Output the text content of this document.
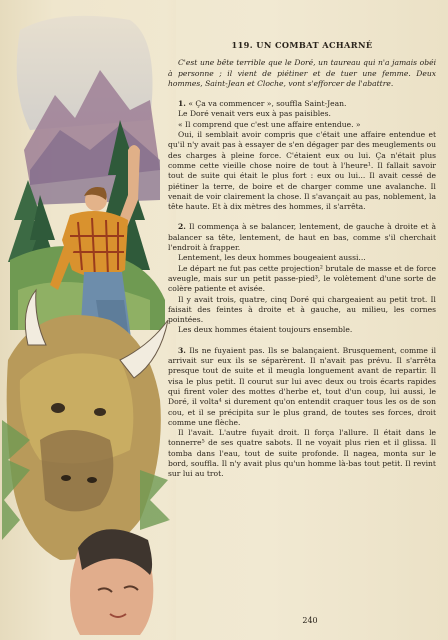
119. UN COMBAT ACHARNÉ

C'est une bête terrible que le Doré, un taureau qui n'a jamais obéi à personne ; il vient de piétiner et de tuer une femme. Deux hommes, Saint-Jean et Cloche, vont s'efforcer de l'abattre.

1. « Ça va commencer », souffla Saint-Jean.

Le Doré venait vers eux à pas paisibles.

« Il comprend que c'est une affaire entendue. »

Oui, il semblait avoir compris que c'était une affaire entendue et qu'il n'y avait pas à essayer de s'en dégager par des meuglements ou des charges à pleine force. C'étaient eux ou lui. Ça n'était plus comme cette vieille chose noire de tout à l'heure¹. Il fallait savoir tout de suite qui était le plus fort : eux ou lui... Il avait cessé de piétiner la terre, de boire et de charger comme une avalanche. Il venait de voir clairement la chose. Il s'avançait au pas, noblement, la tête haute. Et à dix mètres des hommes, il s'arrêta.

2. Il commença à se balancer, lentement, de gauche à droite et à balancer sa tête, lentement, de haut en bas, comme s'il cherchait l'endroit à frapper.

Lentement, les deux hommes bougeaient aussi...

Le départ ne fut pas cette projection² brutale de masse et de force aveugle, mais sur un petit passe-pied³, le volètement d'une sorte de colère patiente et avisée.

Il y avait trois, quatre, cinq Doré qui chargeaient au petit trot. Il faisait des feintes à droite et à gauche, au milieu, les cornes pointées.

Les deux hommes étaient toujours ensemble.

3. Ils ne fuyaient pas. Ils se balançaient. Brusquement, comme il arrivait sur eux ils se séparèrent. Il n'avait pas prévu. Il s'arrêta presque tout de suite et il meugla longuement avant de repartir. Il visa le plus petit. Il courut sur lui avec deux ou trois écarts rapides qui firent voler des mottes d'herbe et, tout d'un coup, lui aussi, le Doré, il volta⁴ si durement qu'on entendit craquer tous les os de son cou, et il se précipita sur le plus grand, de toutes ses forces, droit comme une flèche.

Il l'avait. L'autre fuyait droit. Il força l'allure. Il était dans le tonnerre⁵ de ses quatre sabots. Il ne voyait plus rien et il glissa. Il tomba dans l'eau, tout de suite profonde. Il nagea, monta sur le bord, souffla. Il n'y avait plus qu'un homme là-bas tout petit. Il revint sur lui au trot.

240
